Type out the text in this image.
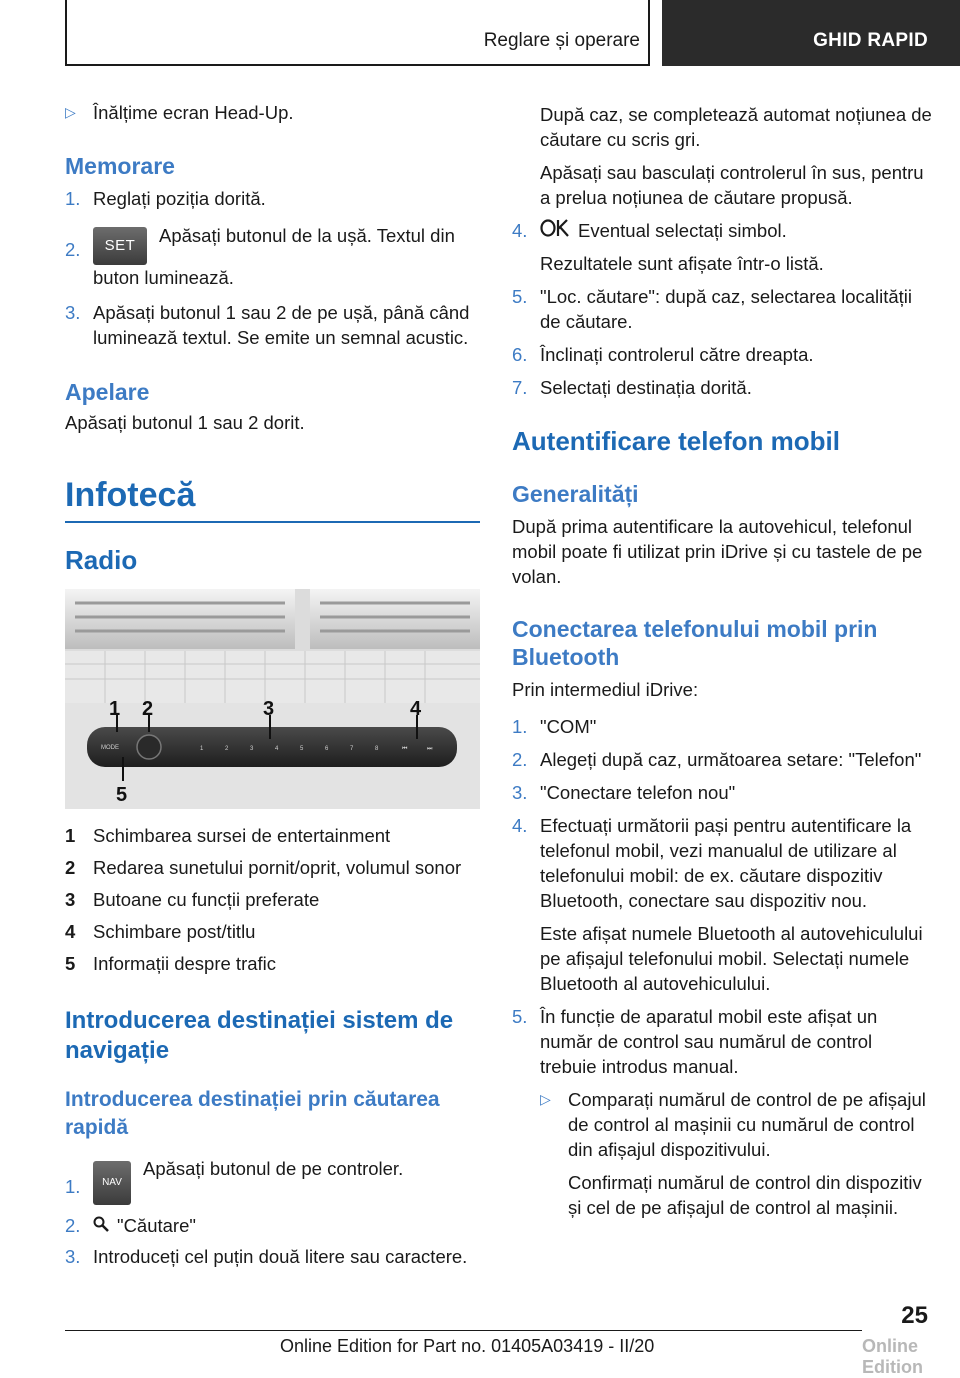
Reglare și operare	GHID RAPID
▷ Înălțime ecran Head-Up.
Memorare
1. Reglați poziția dorită.
2.	SET Apăsați butonul de la ușă. Textul din buton luminează.
3. Apăsați butonul 1 sau 2 de pe ușă, până când luminează textul. Se emite un semnal acustic.
Apelare
Apăsați butonul 1 sau 2 dorit.
Infotecă
Radio
MODE	1	2	3	4	5	6	7	8	⏮	⏭
1 2	3	4
5
1 Schimbarea sursei de entertainment
2 Redarea sunetului pornit/oprit, volumul sonor
3 Butoane cu funcții preferate
4 Schimbare post/titlu
5 Informații despre trafic
Introducerea destinației sistem de navigație
Introducerea destinației prin căutarea rapidă
1.	NAVApăsați butonul de pe controler.
2.	"Căutare"
3. Introduceți cel puțin două litere sau caractere.
După caz, se completează automat noțiunea de căutare cu scris gri.
Apăsați sau basculați controlerul în sus, pentru a prelua noțiunea de căutare propusă.
4.	Eventual selectați simbol.
Rezultatele sunt afișate într-o listă.
5. "Loc. căutare": după caz, selectarea localității de căutare.
6. Înclinați controlerul către dreapta.
7. Selectați destinația dorită.
Autentificare telefon mobil
Generalități
După prima autentificare la autovehicul, telefonul mobil poate fi utilizat prin iDrive și cu tastele de pe volan.
Conectarea telefonului mobil prin Bluetooth
Prin intermediul iDrive:
1. "COM"
2. Alegeți după caz, următoarea setare: "Telefon"
3. "Conectare telefon nou"
4. Efectuați următorii pași pentru autentificare la telefonul mobil, vezi manualul de utilizare al telefonului mobil: de ex. căutare dispozitiv Bluetooth, conectare sau dispozitiv nou.
Este afișat numele Bluetooth al autovehiculului pe afișajul telefonului mobil. Selectați numele Bluetooth al autovehiculului.
5. În funcție de aparatul mobil este afișat un număr de control sau numărul de control trebuie introdus manual.
▷ Comparați numărul de control de pe afișajul de control al mașinii cu numărul de control din afișajul dispozitivului.
Confirmați numărul de control din dispozitiv și cel de pe afișajul de control al mașinii.
25
Online Edition for Part no. 01405A03419 - II/20	Online Edition
